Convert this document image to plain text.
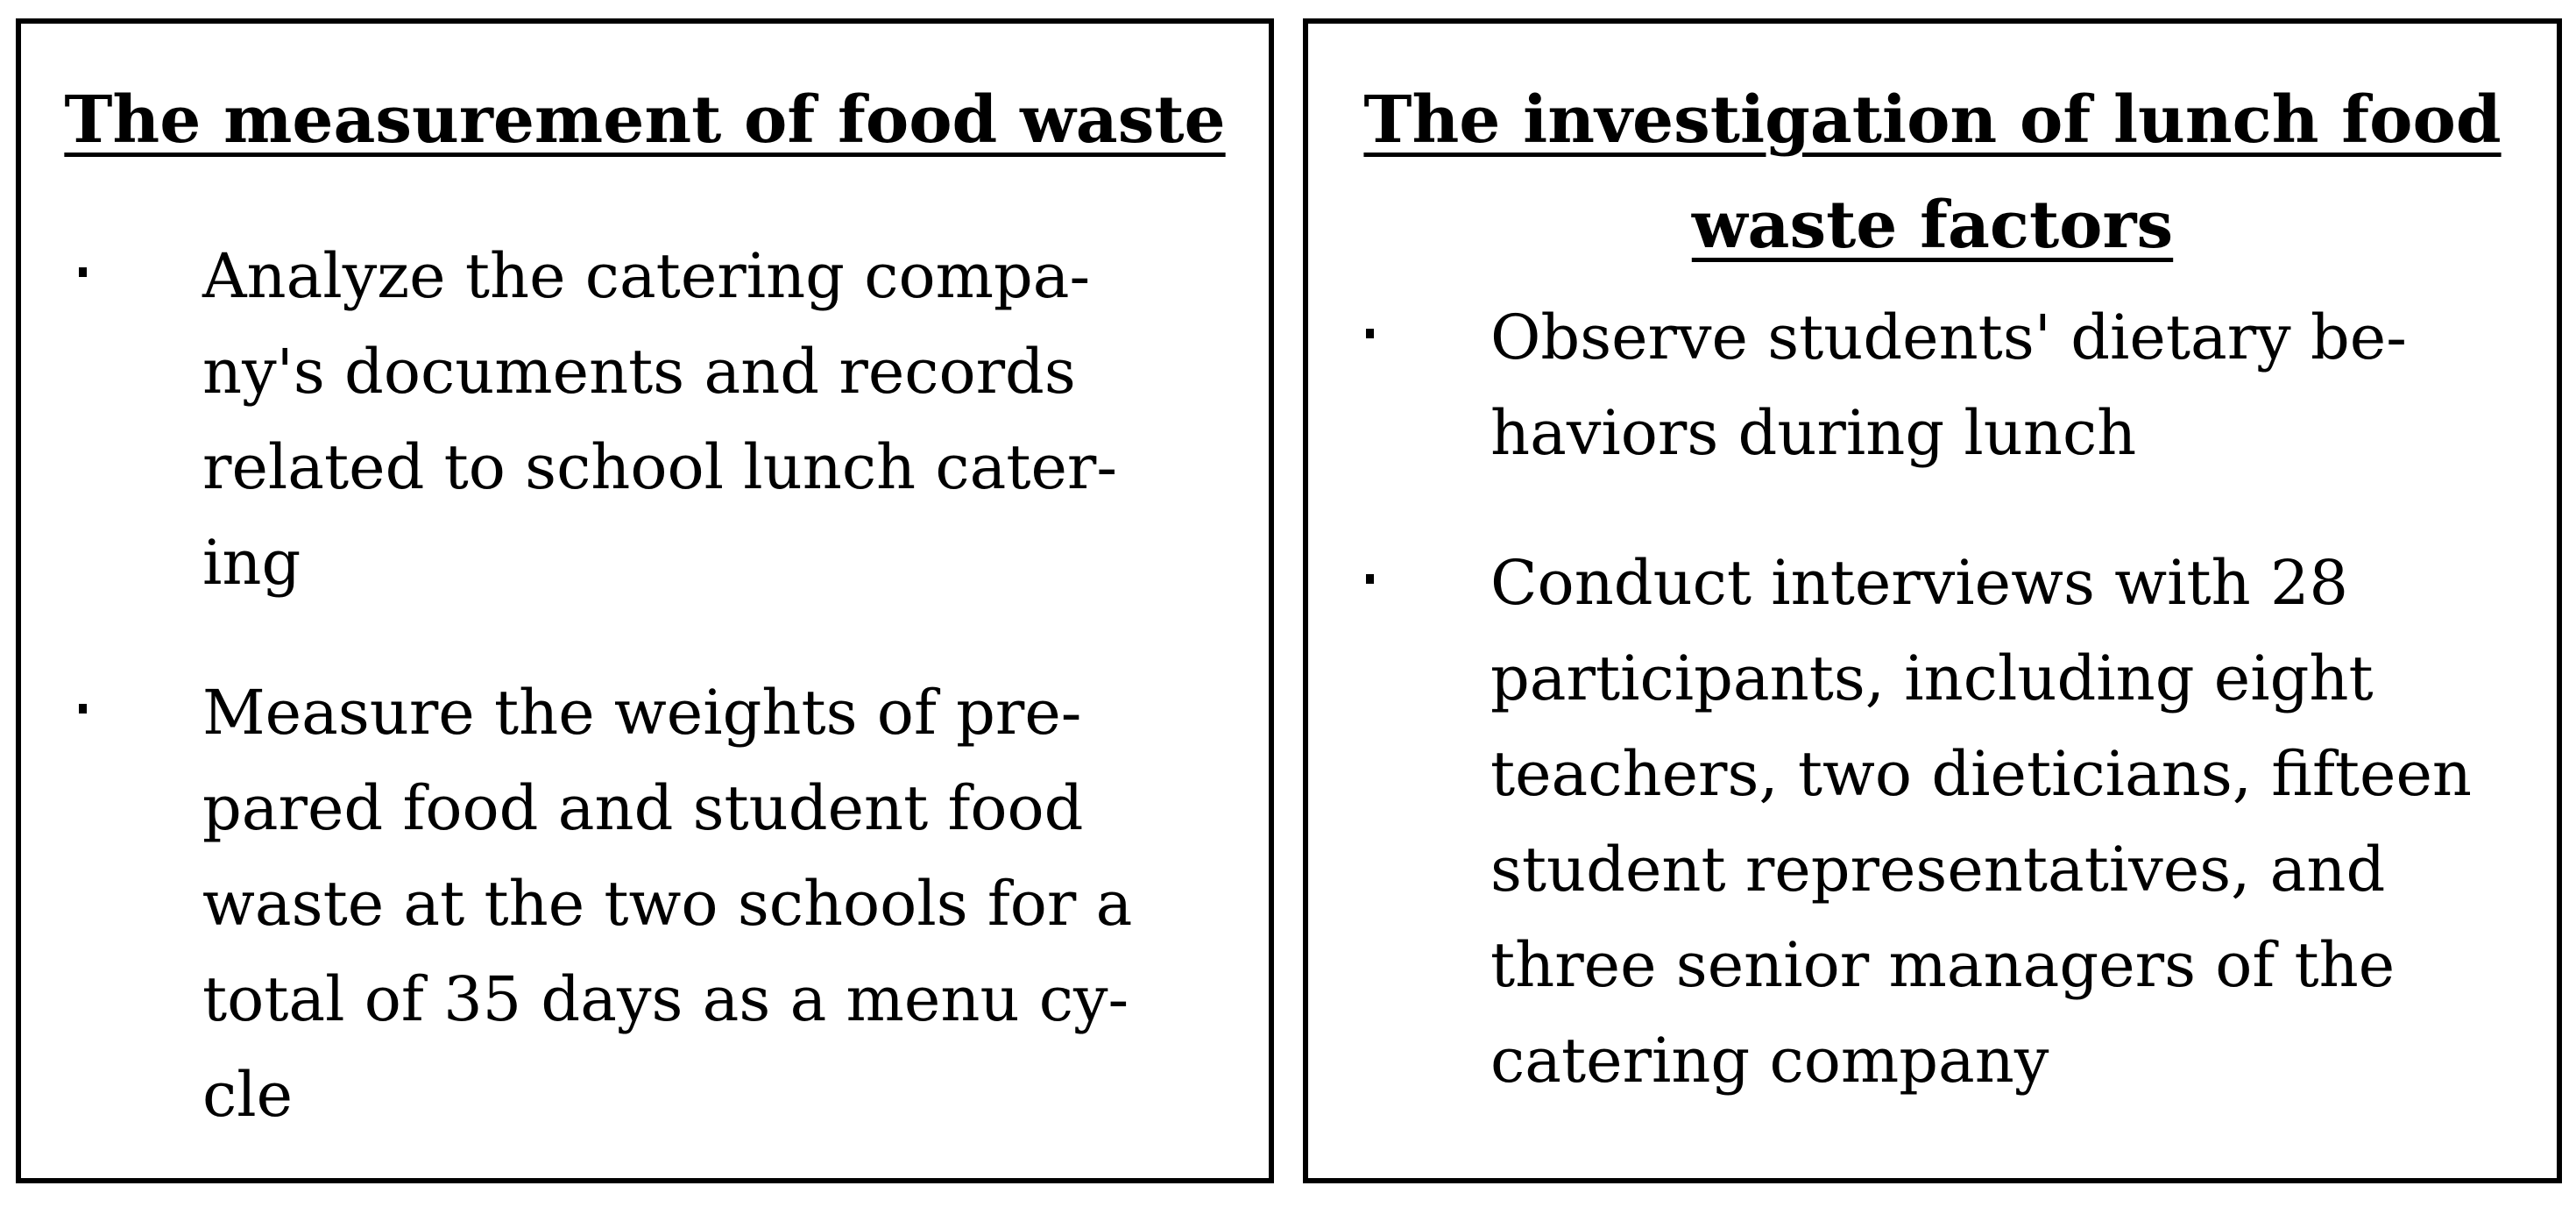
The measurement of food waste

Analyze the catering compa-
ny's documents and records
related to school lunch cater-
ing

Measure the weights of pre-
pared food and student food
waste at the two schools for a
total of 35 days as a menu cy-
cle

The investigation of lunch food
waste factors

Observe students' dietary be-
haviors during lunch

Conduct interviews with 28
participants, including eight
teachers, two dieticians, fifteen
student representatives, and
three senior managers of the
catering company
